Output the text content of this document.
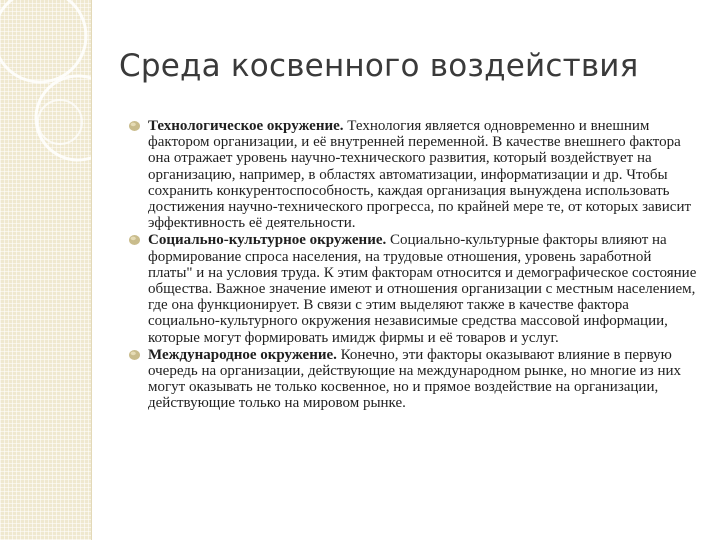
Среда косвенного воздействия
Технологическое окружение. Технология является одновременно и внешним фактором организации, и её внутренней переменной. В качестве внешнего фактора она отражает уровень научно-технического развития, который воздействует на организацию, например, в областях автоматизации, информатизации и др. Чтобы сохранить конкурентоспособность, каждая организация вынуждена использовать достижения научно-технического прогресса, по крайней мере те, от которых зависит эффективность её деятельности.
Социально-культурное окружение. Социально-культурные факторы влияют на формирование спроса населения, на трудовые отношения, уровень заработной платы" и на условия труда. К этим факторам относится и демографическое состояние общества. Важное значение имеют и отношения организации с местным населением, где она функционирует. В связи с этим выделяют также в качестве фактора социально-культурного окружения независимые средства массовой информации, которые могут формировать имидж фирмы и её товаров и услуг.
Международное окружение. Конечно, эти факторы оказывают влияние в первую очередь на организации, действующие на международном рынке, но многие из них могут оказывать не только косвенное, но и прямое воздействие на организации, действующие только на мировом рынке.
